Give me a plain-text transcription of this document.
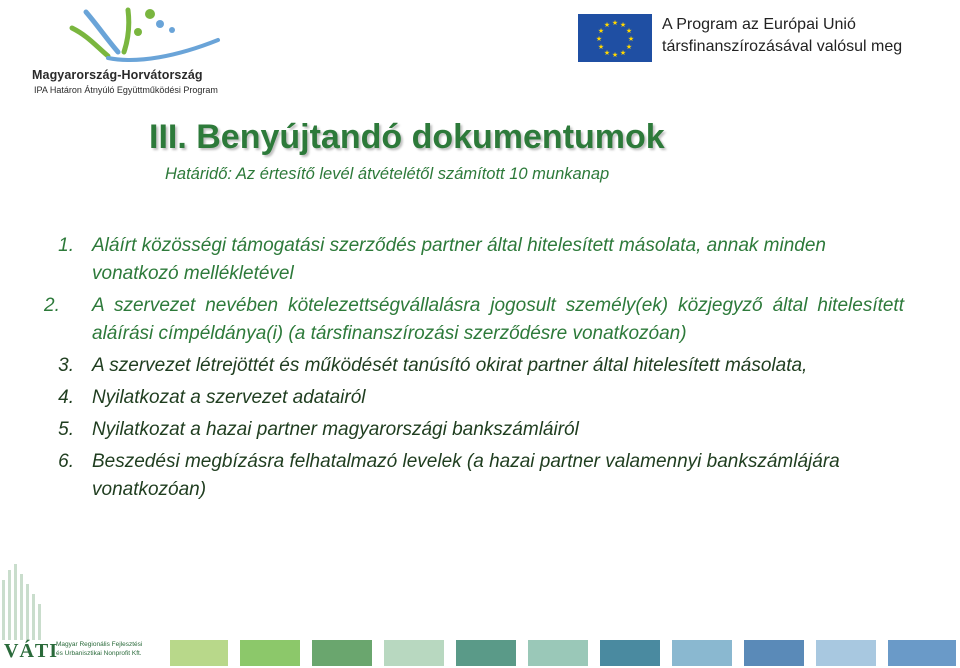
Magyarország-Horvátország
IPA Határon Átnyúló Együttműködési Program
★ ★
★
★
★
★
★
★
★
★
★
★	A Program az Európai Unió
társfinanszírozásával valósul meg
III. Benyújtandó dokumentumok
Határidő: Az értesítő levél átvételétől számított 10 munkanap
1. Aláírt közösségi támogatási szerződés partner által hitelesített másolata, annak minden vonatkozó mellékletével
2.	A szervezet nevében kötelezettségvállalásra jogosult személy(ek) közjegyző által hitelesített aláírási címpéldánya(i) (a társfinanszírozási szerződésre vonatkozóan)
3. A szervezet létrejöttét és működését tanúsító okirat partner által hitelesített másolata,
4. Nyilatkozat a szervezet adatairól
5. Nyilatkozat a hazai partner magyarországi bankszámláiról
6. Beszedési megbízásra felhatalmazó levelek (a hazai partner valamennyi bankszámlájára vonatkozóan)
VÁTI
Magyar Regionális Fejlesztési
és Urbanisztikai Nonprofit Kft.
